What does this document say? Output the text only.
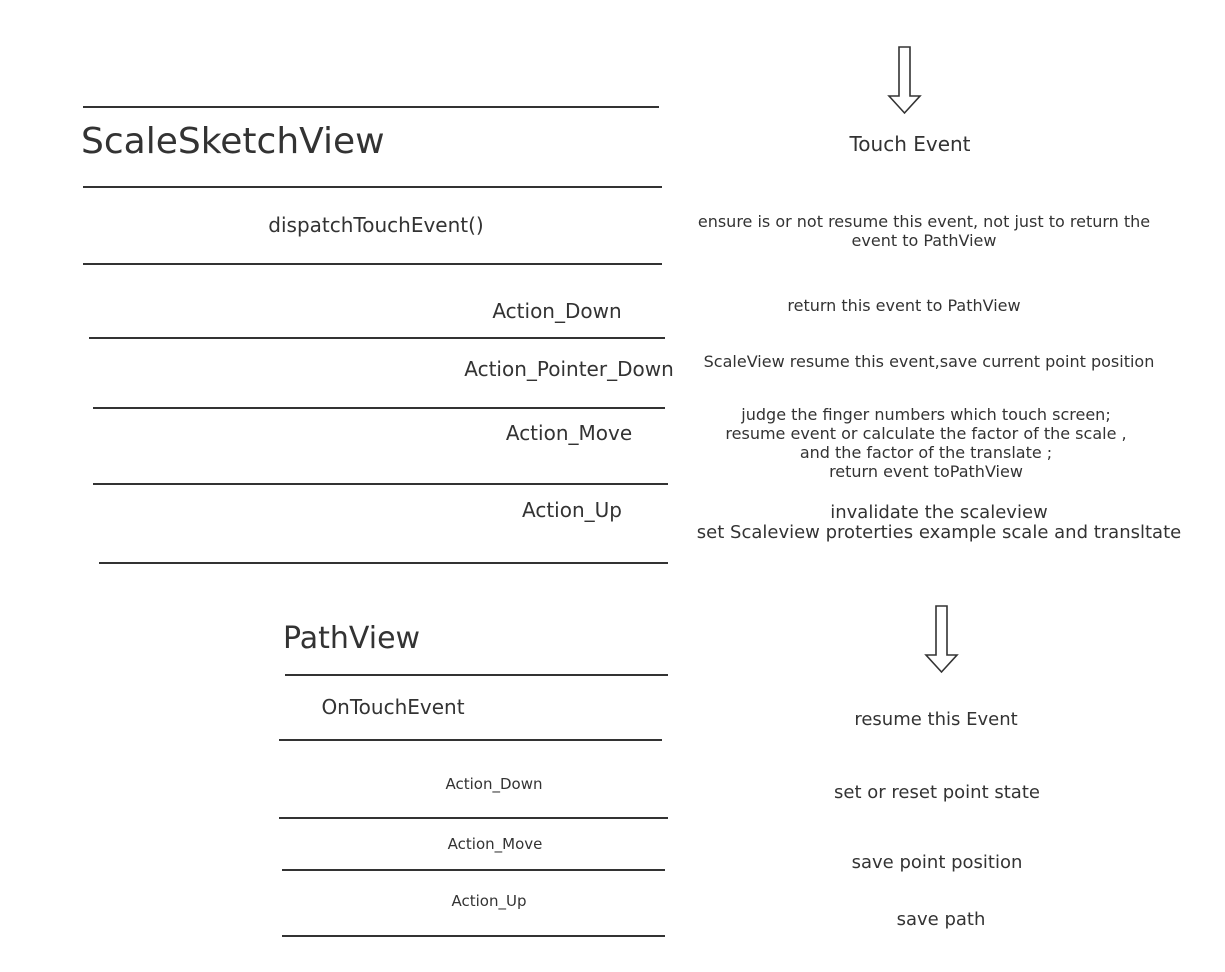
ScaleSketchView
dispatchTouchEvent()
Action_Down
Action_Pointer_Down
Action_Move
Action_Up
Touch Event
ensure is or not resume this event, not just to return the
event to PathView
return this event to PathView
ScaleView resume this event,save current point position
judge the finger numbers which touch screen;
resume event or calculate the factor of the scale ,
and the factor of the translate ;
return event toPathView
invalidate the scaleview
set Scaleview proterties example scale and transltate
PathView
OnTouchEvent
Action_Down
Action_Move
Action_Up
resume this Event
set or reset point state
save point position
save path
